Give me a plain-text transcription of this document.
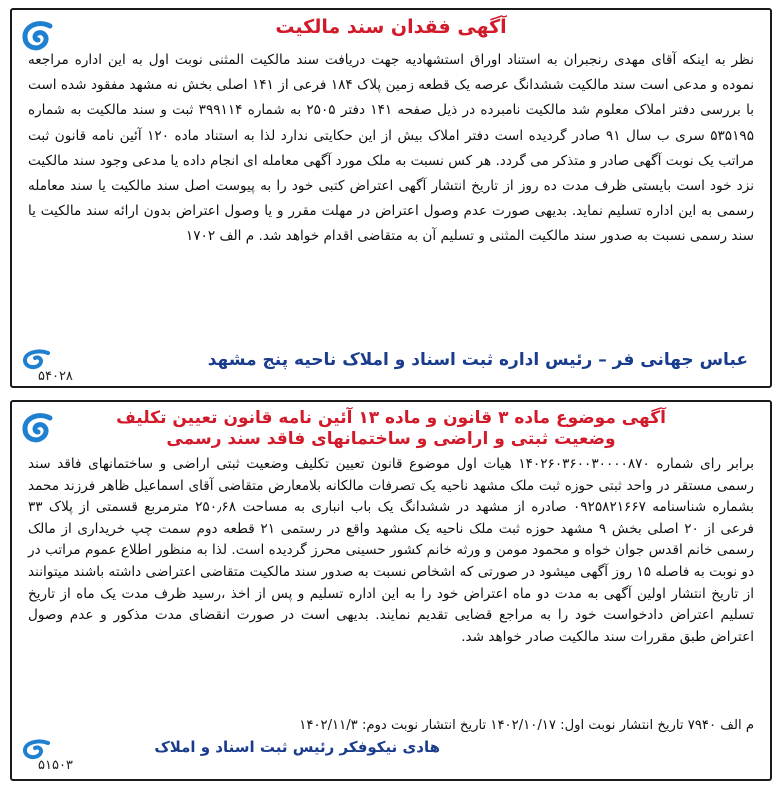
آگهی فقدان سند مالکیت
نظر به اینکه آقای مهدی رنجبران به استناد اوراق استشهادیه جهت دریافت سند مالکیت المثنی نوبت اول به این اداره مراجعه نموده و مدعی است سند مالکیت ششدانگ عرصه یک قطعه زمین پلاک ۱۸۴ فرعی از ۱۴۱ اصلی بخش نه مشهد مفقود شده است با بررسی دفتر املاک معلوم شد مالکیت نامبرده در ذیل صفحه ۱۴۱ دفتر ۲۵۰۵ به شماره ۳۹۹۱۱۴ ثبت و سند مالکیت به شماره ۵۳۵۱۹۵ سری ب سال ۹۱ صادر گردیده است دفتر املاک بیش از این حکایتی ندارد لذا به استناد ماده ۱۲۰ آئین نامه قانون ثبت مراتب یک نوبت آگهی صادر و متذکر می گردد. هر کس نسبت به ملک مورد آگهی معامله ای انجام داده یا مدعی وجود سند مالکیت نزد خود است بایستی ظرف مدت ده روز از تاریخ انتشار آگهی اعتراض کتبی خود را به پیوست اصل سند مالکیت یا سند معامله رسمی به این اداره تسلیم نماید. بدیهی صورت عدم وصول اعتراض در مهلت مقرر و یا وصول اعتراض بدون ارائه سند مالکیت یا سند رسمی نسبت به صدور سند مالکیت المثنی و تسلیم آن به متقاضی اقدام خواهد شد. م الف ۱۷۰۲
عباس جهانی فر – رئیس اداره ثبت اسناد و املاک ناحیه پنج مشهد
۵۴۰۲۸
آگهی موضوع ماده ۳ قانون و ماده ۱۳ آئین نامه قانون تعیین تکلیف
وضعیت ثبتی و اراضی و ساختمانهای فاقد سند رسمی
برابر رای شماره ۱۴۰۲۶۰۳۶۰۰۳۰۰۰۰۸۷۰ هیات اول موضوع قانون تعیین تکلیف وضعیت ثبتی اراضی و ساختمانهای فاقد سند رسمی مستقر در واحد ثبتی حوزه ثبت ملک مشهد ناحیه یک تصرفات مالکانه بلامعارض متقاضی آقای اسماعیل ظاهر فرزند محمد بشماره شناسنامه ۰۹۲۵۸۲۱۶۶۷ صادره از مشهد در ششدانگ یک باب انباری به مساحت ۲۵۰٫۶۸ مترمربع قسمتی از پلاک ۳۳ فرعی از ۲۰ اصلی بخش ۹ مشهد حوزه ثبت ملک ناحیه یک مشهد واقع در رستمی ۲۱ قطعه دوم سمت چپ خریداری از مالک رسمی خانم اقدس جوان خواه و محمود مومن و ورثه خانم کشور حسینی محرز گردیده است. لذا به منظور اطلاع عموم مراتب در دو نوبت به فاصله ۱۵ روز آگهی میشود در صورتی که اشخاص نسبت به صدور سند مالکیت متقاضی اعتراضی داشته باشند میتوانند از تاریخ انتشار اولین آگهی به مدت دو ماه اعتراض خود را به این اداره تسلیم و پس از اخذ ،رسید ظرف مدت یک ماه از تاریخ تسلیم اعتراض دادخواست خود را به مراجع قضایی تقدیم نمایند. بدیهی است در صورت انقضای مدت مذکور و عدم وصول اعتراض طبق مقررات سند مالکیت صادر خواهد شد.
م الف ۷۹۴۰ تاریخ انتشار نوبت اول: ۱۴۰۲/۱۰/۱۷ تاریخ انتشار نوبت دوم: ۱۴۰۲/۱۱/۳
هادی نیکوفکر رئیس ثبت اسناد و املاک
۵۱۵۰۳
